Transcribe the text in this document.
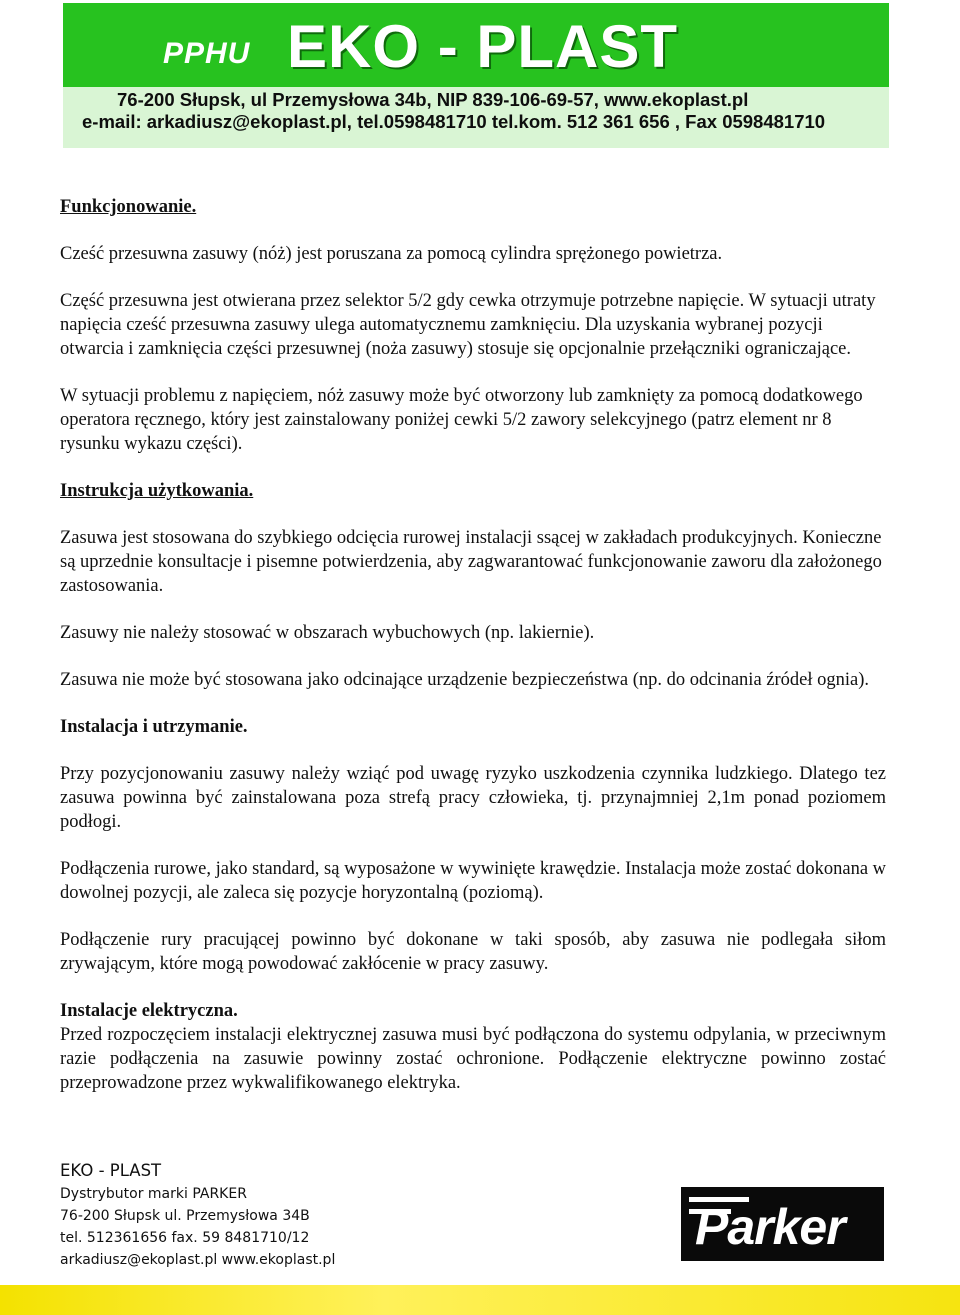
PPHU EKO - PLAST
76-200 Słupsk, ul Przemysłowa 34b, NIP 839-106-69-57, www.ekoplast.pl
e-mail: arkadiusz@ekoplast.pl, tel.0598481710 tel.kom. 512 361 656 , Fax 0598481710

Funkcjonowanie.

Cześć przesuwna zasuwy (nóż) jest poruszana za pomocą cylindra sprężonego powietrza.

Część przesuwna jest otwierana przez selektor 5/2 gdy cewka otrzymuje potrzebne napięcie. W sytuacji utraty napięcia cześć przesuwna zasuwy ulega automatycznemu zamknięciu. Dla uzyskania wybranej pozycji otwarcia i zamknięcia części przesuwnej (noża zasuwy) stosuje się opcjonalnie przełączniki ograniczające.

W sytuacji problemu z napięciem, nóż zasuwy może być otworzony lub zamknięty za pomocą dodatkowego operatora ręcznego, który jest zainstalowany poniżej cewki 5/2 zawory selekcyjnego (patrz element nr 8 rysunku wykazu części).

Instrukcja użytkowania.

Zasuwa jest stosowana do szybkiego odcięcia rurowej instalacji ssącej w zakładach produkcyjnych. Konieczne są uprzednie konsultacje i pisemne potwierdzenia, aby zagwarantować funkcjonowanie zaworu dla założonego zastosowania.

Zasuwy nie należy stosować w obszarach wybuchowych (np. lakiernie).

Zasuwa nie może być stosowana jako odcinające urządzenie bezpieczeństwa (np. do odcinania źródeł ognia).

Instalacja i utrzymanie.

Przy pozycjonowaniu zasuwy należy wziąć pod uwagę ryzyko uszkodzenia czynnika ludzkiego. Dlatego tez zasuwa powinna być zainstalowana poza strefą pracy człowieka, tj. przynajmniej 2,1m ponad poziomem podłogi.

Podłączenia rurowe, jako standard, są wyposażone w wywinięte krawędzie. Instalacja może zostać dokonana w dowolnej pozycji, ale zaleca się pozycje horyzontalną (poziomą).

Podłączenie rury pracującej powinno być dokonane w taki sposób, aby zasuwa nie podlegała siłom zrywającym, które mogą powodować zakłócenie w pracy zasuwy.

Instalacje elektryczna.

Przed rozpoczęciem instalacji elektrycznej zasuwa musi być podłączona do systemu odpylania, w przeciwnym razie podłączenia na zasuwie powinny zostać ochronione. Podłączenie elektryczne powinno zostać przeprowadzone przez wykwalifikowanego elektryka.

EKO - PLAST
Dystrybutor marki PARKER
76-200 Słupsk ul. Przemysłowa 34B
tel. 512361656 fax. 59 8481710/12
arkadiusz@ekoplast.pl www.ekoplast.pl
Parker
